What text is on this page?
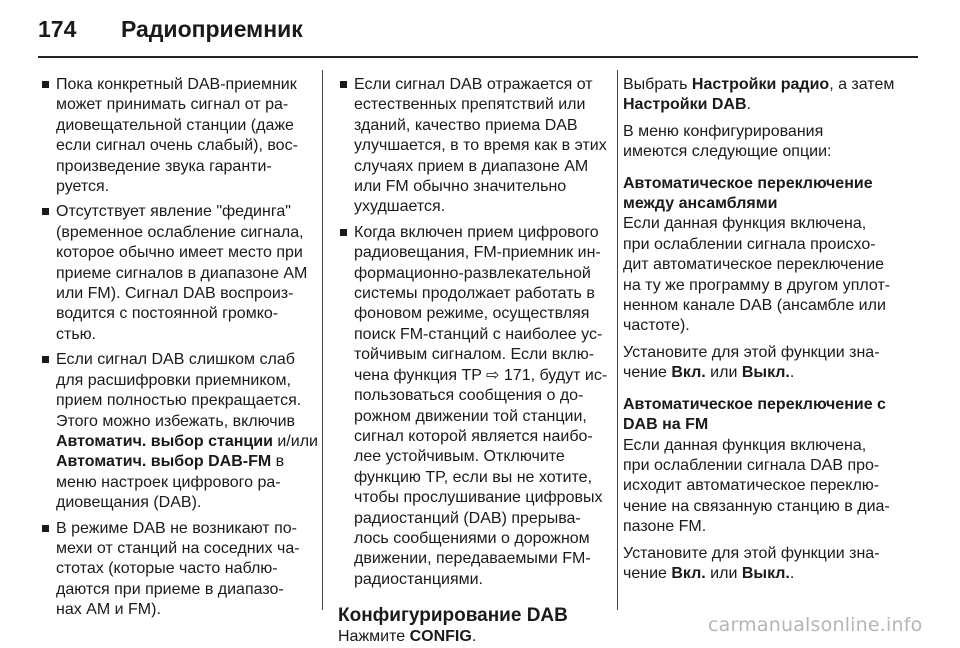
174 Радиоприемник
Пока конкретный DAB-приемник
может принимать сигнал от ра-
диовещательной станции (даже
если сигнал очень слабый), вос-
произведение звука гаранти-
руется.
Отсутствует явление "фединга"
(временное ослабление сигнала,
которое обычно имеет место при
приеме сигналов в диапазоне AM
или FM). Сигнал DAB воспроиз-
водится с постоянной громко-
стью.
Если сигнал DAB слишком слаб
для расшифровки приемником,
прием полностью прекращается.
Этого можно избежать, включив
Автоматич. выбор станции и/или
Автоматич. выбор DAB-FM в
меню настроек цифрового ра-
диовещания (DAB).
В режиме DAB не возникают по-
мехи от станций на соседних ча-
стотах (которые часто наблю-
даются при приеме в диапазо-
нах AM и FM).
Если сигнал DAB отражается от
естественных препятствий или
зданий, качество приема DAB
улучшается, в то время как в этих
случаях прием в диапазоне AM
или FM обычно значительно
ухудшается.
Когда включен прием цифрового
радиовещания, FM-приемник ин-
формационно-развлекательной
системы продолжает работать в
фоновом режиме, осуществляя
поиск FM-станций с наиболее ус-
тойчивым сигналом. Если вклю-
чена функция TP ⇨ 171, будут ис-
пользоваться сообщения о до-
рожном движении той станции,
сигнал которой является наибо-
лее устойчивым. Отключите
функцию TP, если вы не хотите,
чтобы прослушивание цифровых
радиостанций (DAB) прерыва-
лось сообщениями о дорожном
движении, передаваемыми FM-
радиостанциями.
Конфигурирование DAB
Нажмите CONFIG.
Выбрать Настройки радио, а затем
Настройки DAB.
В меню конфигурирования
имеются следующие опции:
Автоматическое переключение
между ансамблями
Если данная функция включена,
при ослаблении сигнала происхо-
дит автоматическое переключение
на ту же программу в другом уплот-
ненном канале DAB (ансамбле или
частоте).
Установите для этой функции зна-
чение Вкл. или Выкл..
Автоматическое переключение с
DAB на FM
Если данная функция включена,
при ослаблении сигнала DAB про-
исходит автоматическое переклю-
чение на связанную станцию в диа-
пазоне FM.
Установите для этой функции зна-
чение Вкл. или Выкл..
carmanualsonline.info
